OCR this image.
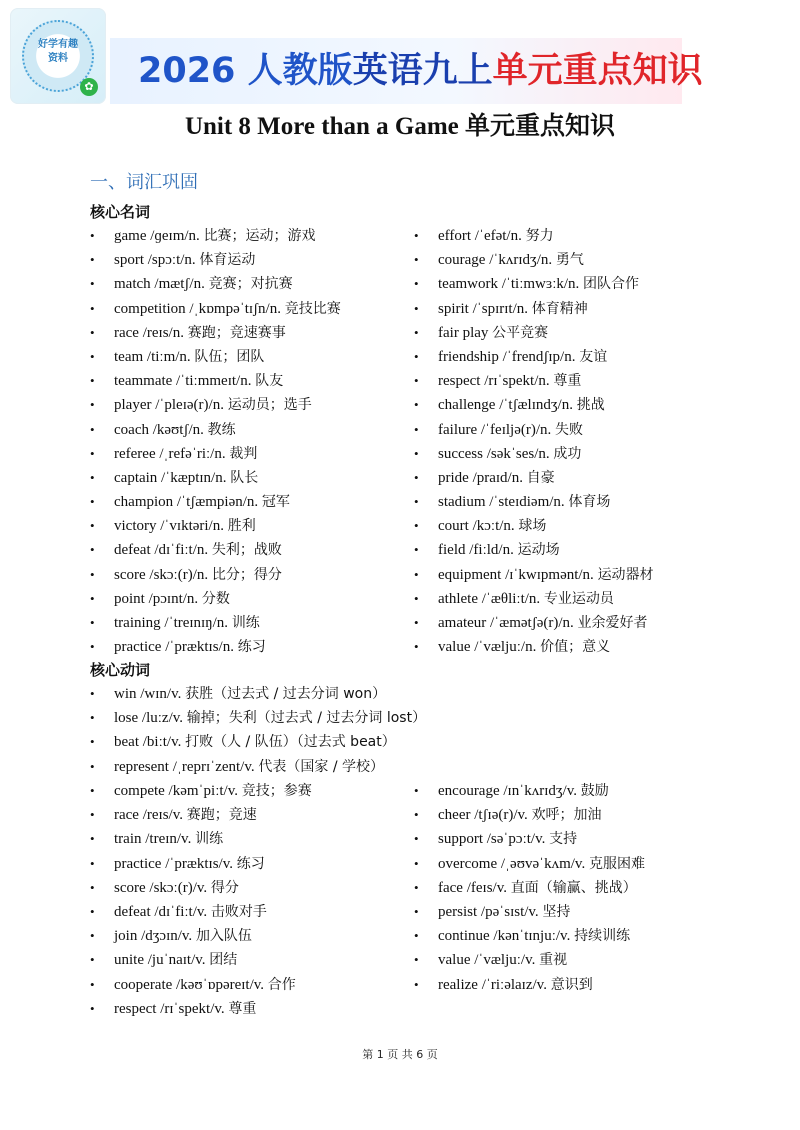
好学有趣资料
✿ 2026 人教版英语九上单元重点知识
Unit 8 More than a Game 单元重点知识
一、词汇巩固
核心名词
• game /ɡeɪm/n. 比赛；运动；游戏
• sport /spɔːt/n. 体育运动
• match /mætʃ/n. 竞赛；对抗赛
• competition /ˌkɒmpəˈtɪʃn/n. 竞技比赛
• race /reɪs/n. 赛跑；竞速赛事
• team /tiːm/n. 队伍；团队
• teammate /ˈtiːmmeɪt/n. 队友
• player /ˈpleɪə(r)/n. 运动员；选手
• coach /kəʊtʃ/n. 教练
• referee /ˌrefəˈriː/n. 裁判
• captain /ˈkæptɪn/n. 队长
• champion /ˈtʃæmpiən/n. 冠军
• victory /ˈvɪktəri/n. 胜利
• defeat /dɪˈfiːt/n. 失利；战败
• score /skɔː(r)/n. 比分；得分
• point /pɔɪnt/n. 分数
• training /ˈtreɪnɪŋ/n. 训练
• practice /ˈpræktɪs/n. 练习
• effort /ˈefət/n. 努力
• courage /ˈkʌrɪdʒ/n. 勇气
• teamwork /ˈtiːmwɜːk/n. 团队合作
• spirit /ˈspɪrɪt/n. 体育精神
• fair play 公平竞赛
• friendship /ˈfrendʃɪp/n. 友谊
• respect /rɪˈspekt/n. 尊重
• challenge /ˈtʃælɪndʒ/n. 挑战
• failure /ˈfeɪljə(r)/n. 失败
• success /səkˈses/n. 成功
• pride /praɪd/n. 自豪
• stadium /ˈsteɪdiəm/n. 体育场
• court /kɔːt/n. 球场
• field /fiːld/n. 运动场
• equipment /ɪˈkwɪpmənt/n. 运动器材
• athlete /ˈæθliːt/n. 专业运动员
• amateur /ˈæmətʃə(r)/n. 业余爱好者
• value /ˈvæljuː/n. 价值；意义
核心动词
• win /wɪn/v. 获胜（过去式 / 过去分词 won）
• lose /luːz/v. 输掉；失利（过去式 / 过去分词 lost）
• beat /biːt/v. 打败（人 / 队伍）（过去式 beat）
• represent /ˌreprɪˈzent/v. 代表（国家 / 学校）
• compete /kəmˈpiːt/v. 竞技；参赛
• race /reɪs/v. 赛跑；竞速
• train /treɪn/v. 训练
• practice /ˈpræktɪs/v. 练习
• score /skɔː(r)/v. 得分
• defeat /dɪˈfiːt/v. 击败对手
• join /dʒɔɪn/v. 加入队伍
• unite /juˈnaɪt/v. 团结
• cooperate /kəʊˈɒpəreɪt/v. 合作
• respect /rɪˈspekt/v. 尊重
• encourage /ɪnˈkʌrɪdʒ/v. 鼓励
• cheer /tʃɪə(r)/v. 欢呼；加油
• support /səˈpɔːt/v. 支持
• overcome /ˌəʊvəˈkʌm/v. 克服困难
• face /feɪs/v. 直面（输赢、挑战）
• persist /pəˈsɪst/v. 坚持
• continue /kənˈtɪnjuː/v. 持续训练
• value /ˈvæljuː/v. 重视
• realize /ˈriːəlaɪz/v. 意识到
第 1 页 共 6 页
